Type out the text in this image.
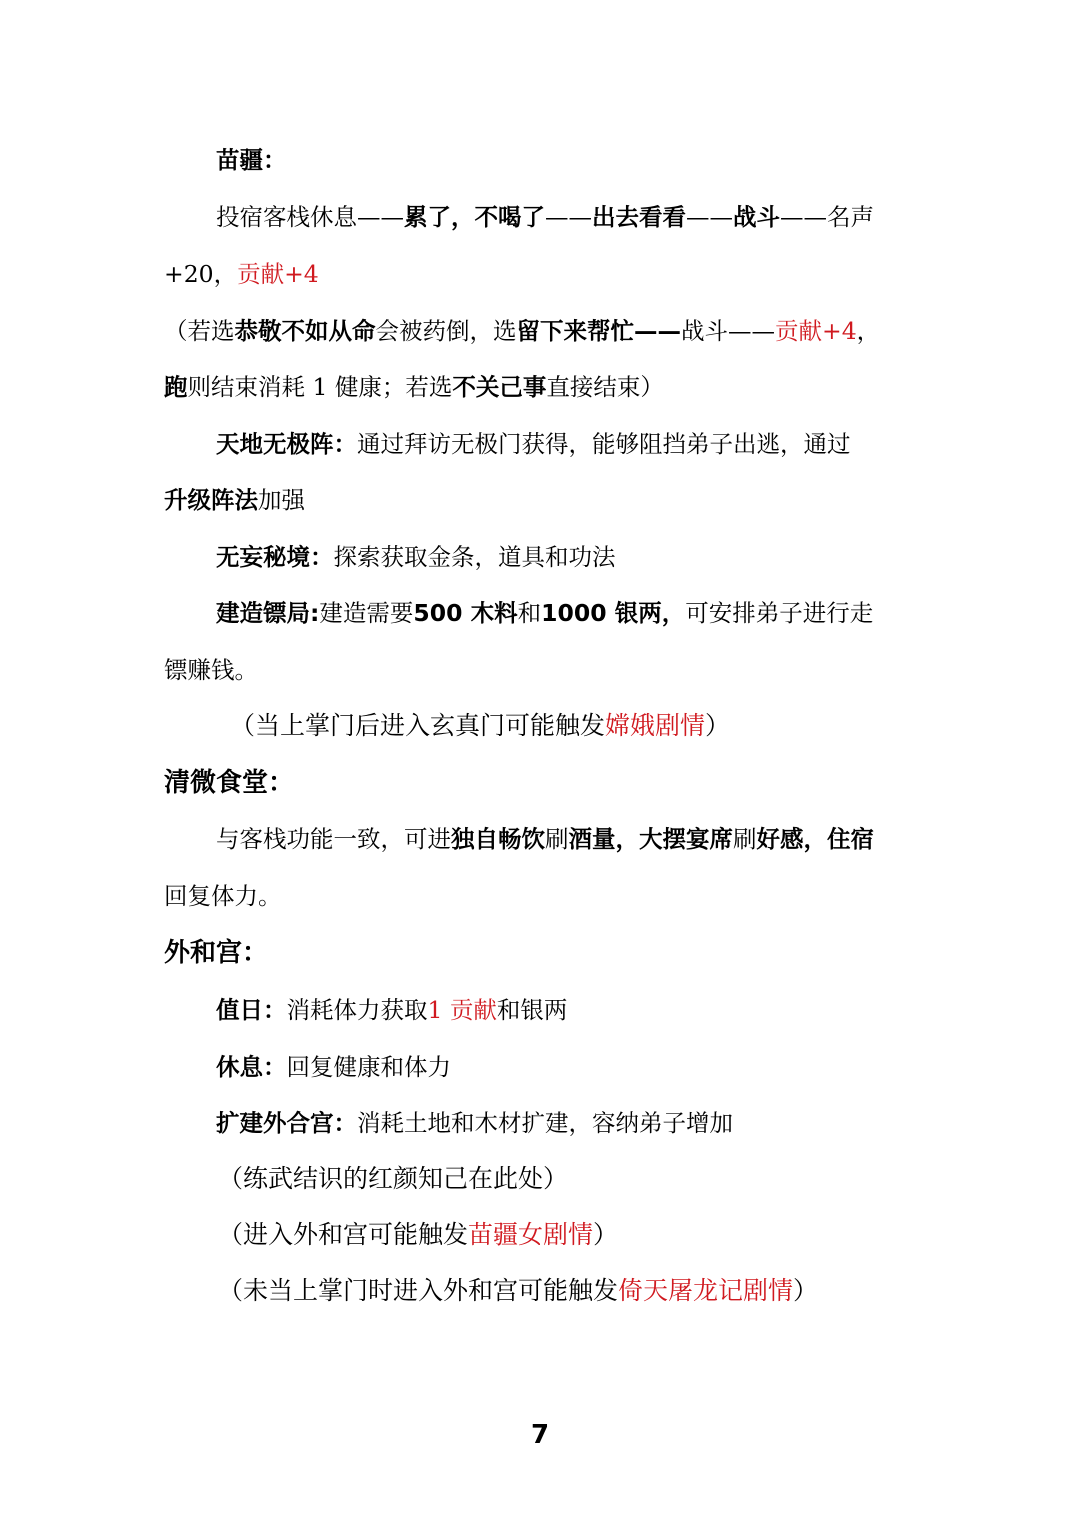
苗疆：
投宿客栈休息——累了，不喝了——出去看看——战斗——名声
+20，贡献+4
（若选恭敬不如从命会被药倒，选留下来帮忙——战斗——贡献+4，
跑则结束消耗 1 健康；若选不关己事直接结束）
天地无极阵：通过拜访无极门获得，能够阻挡弟子出逃，通过
升级阵法加强
无妄秘境：探索获取金条，道具和功法
建造镖局:建造需要500 木料和1000 银两，可安排弟子进行走
镖赚钱。
（当上掌门后进入玄真门可能触发嫦娥剧情）
清微食堂：
与客栈功能一致，可进独自畅饮刷酒量，大摆宴席刷好感，住宿
回复体力。
外和宫：
值日：消耗体力获取1 贡献和银两
休息：回复健康和体力
扩建外合宫：消耗土地和木材扩建，容纳弟子增加
（练武结识的红颜知己在此处）
（进入外和宫可能触发苗疆女剧情）
（未当上掌门时进入外和宫可能触发倚天屠龙记剧情）
7
